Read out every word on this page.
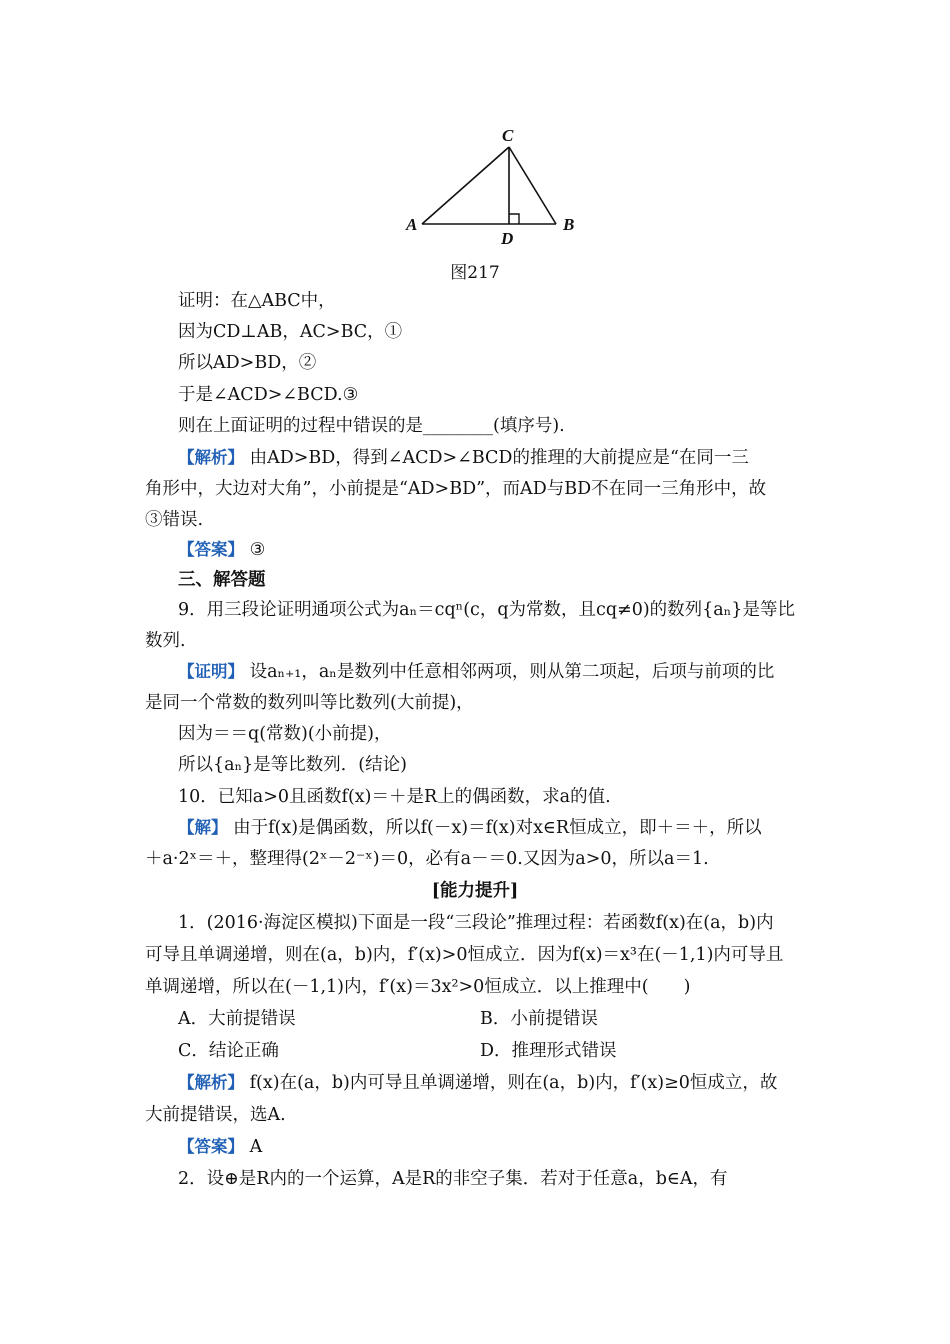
C
A
D
B
图217
证明：在△ABC中，
因为CD⊥AB，AC>BC，①
所以AD>BD，②
于是∠ACD>∠BCD.③
则在上面证明的过程中错误的是________(填序号).
【解析】 由AD>BD，得到∠ACD>∠BCD的推理的大前提应是“在同一三
角形中，大边对大角”，小前提是“AD>BD”，而AD与BD不在同一三角形中，故
③错误.
【答案】 ③
三、解答题
9．用三段论证明通项公式为aₙ＝cqⁿ(c，q为常数，且cq≠0)的数列{aₙ}是等比
数列.
【证明】 设aₙ₊₁，aₙ是数列中任意相邻两项，则从第二项起，后项与前项的比
是同一个常数的数列叫等比数列(大前提)，
因为＝＝q(常数)(小前提)，
所以{aₙ}是等比数列．(结论)
10．已知a>0且函数f(x)＝＋是R上的偶函数，求a的值.
【解】 由于f(x)是偶函数，所以f(－x)＝f(x)对x∈R恒成立，即＋＝＋，所以
＋a·2ˣ＝＋，整理得(2ˣ－2⁻ˣ)＝0，必有a－＝0.又因为a>0，所以a＝1.
[能力提升]
1．(2016·海淀区模拟)下面是一段“三段论”推理过程：若函数f(x)在(a，b)内
可导且单调递增，则在(a，b)内，f′(x)>0恒成立．因为f(x)＝x³在(－1,1)内可导且
单调递增，所以在(－1,1)内，f′(x)＝3x²>0恒成立．以上推理中(　　)
A．大前提错误	B．小前提错误
C．结论正确	D．推理形式错误
【解析】 f(x)在(a，b)内可导且单调递增，则在(a，b)内，f′(x)≥0恒成立，故
大前提错误，选A.
【答案】 A
2．设⊕是R内的一个运算，A是R的非空子集．若对于任意a，b∈A，有
